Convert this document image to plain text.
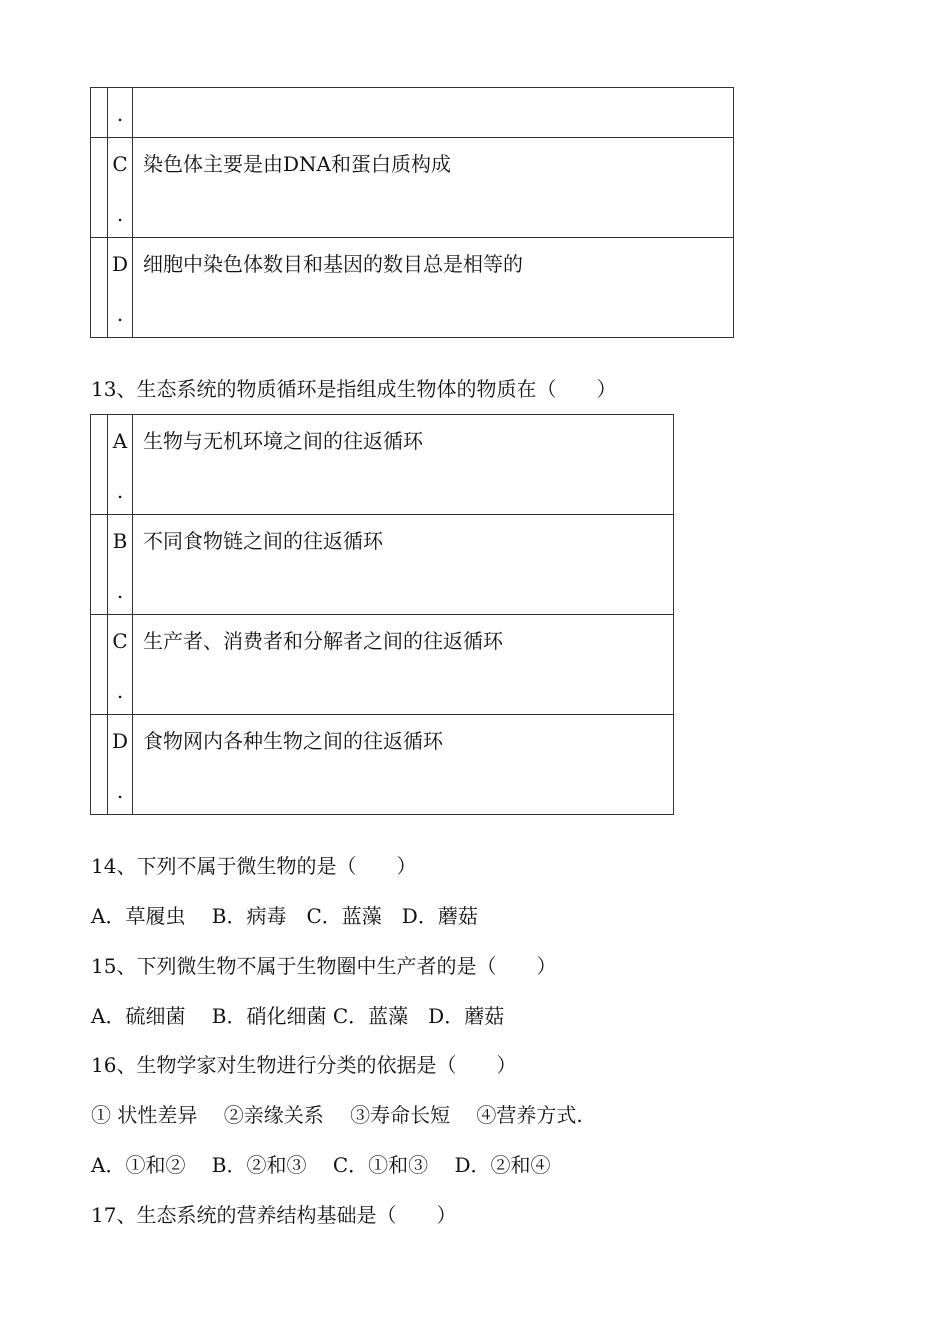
	.	

	C
.	染色体主要是由DNA和蛋白质构成

	D
.	细胞中染色体数目和基因的数目总是相等的
13、生态系统的物质循环是指组成生物体的物质在（　　）

	A
.	生物与无机环境之间的往返循环

	B
.	不同食物链之间的往返循环

	C
.	生产者、消费者和分解者之间的往返循环

	D
.	食物网内各种生物之间的往返循环
14、下列不属于微生物的是（　　）
A．草履虫　 B．病毒　C．蓝藻　D．蘑菇
15、下列微生物不属于生物圈中生产者的是（　　）
A．硫细菌　 B．硝化细菌 C．蓝藻　D．蘑菇
16、生物学家对生物进行分类的依据是（　　）
① 状性差异　 ②亲缘关系　 ③寿命长短　 ④营养方式.
A．①和②　 B．②和③　 C．①和③　 D．②和④
17、生态系统的营养结构基础是（　　）
